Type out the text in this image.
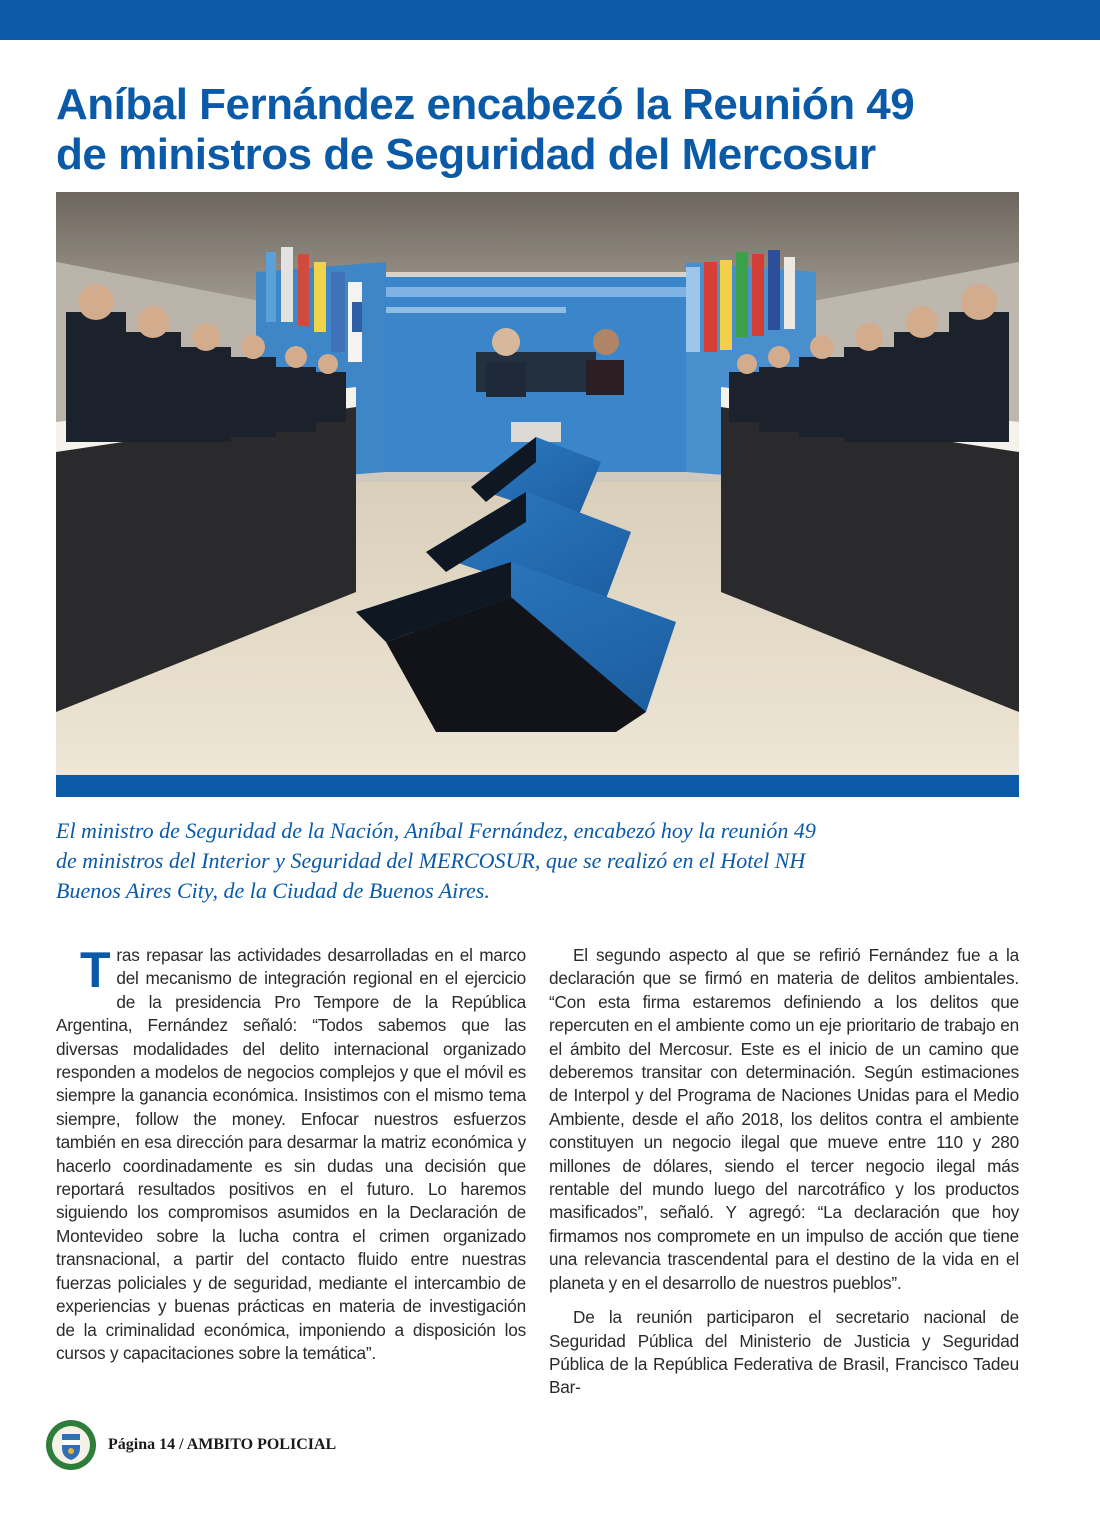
Aníbal Fernández encabezó la Reunión 49
de ministros de Seguridad del Mercosur
El ministro de Seguridad de la Nación, Aníbal Fernández, encabezó hoy la reunión 49
de ministros del Interior y Seguridad del MERCOSUR, que se realizó en el Hotel NH
Buenos Aires City, de la Ciudad de Buenos Aires.

Tras repasar las actividades desarrolladas en el marco del mecanismo de integración regional en el ejercicio de la presidencia Pro Tempore de la República Argentina, Fernández señaló: “Todos sabemos que las diversas modalidades del delito internacional organizado responden a modelos de negocios complejos y que el móvil es siempre la ganancia económica. Insistimos con el mismo tema siempre, follow the money. Enfocar nuestros esfuerzos también en esa dirección para desarmar la matriz económica y hacerlo coordinadamente es sin dudas una decisión que reportará resultados positivos en el futuro. Lo haremos siguiendo los compromisos asumidos en la Declaración de Montevideo sobre la lucha contra el crimen organizado transnacional, a partir del contacto fluido entre nuestras fuerzas policiales y de seguridad, mediante el intercambio de experiencias y buenas prácticas en materia de investigación de la criminalidad económica, imponiendo a disposición los cursos y capacitaciones sobre la temática”.

El segundo aspecto al que se refirió Fernández fue a la declaración que se firmó en materia de delitos ambientales. “Con esta firma estaremos definiendo a los delitos que repercuten en el ambiente como un eje prioritario de trabajo en el ámbito del Mercosur. Este es el inicio de un camino que deberemos transitar con determinación. Según estimaciones de Interpol y del Programa de Naciones Unidas para el Medio Ambiente, desde el año 2018, los delitos contra el ambiente constituyen un negocio ilegal que mueve entre 110 y 280 millones de dólares, siendo el tercer negocio ilegal más rentable del mundo luego del narcotráfico y los productos masificados”, señaló. Y agregó: “La declaración que hoy firmamos nos compromete en un impulso de acción que tiene una relevancia trascendental para el destino de la vida en el planeta y en el desarrollo de nuestros pueblos”.

De la reunión participaron el secretario nacional de Seguridad Pública del Ministerio de Justicia y Seguridad Pública de la República Federativa de Brasil, Francisco Tadeu Bar-

Página 14 / AMBITO POLICIAL
